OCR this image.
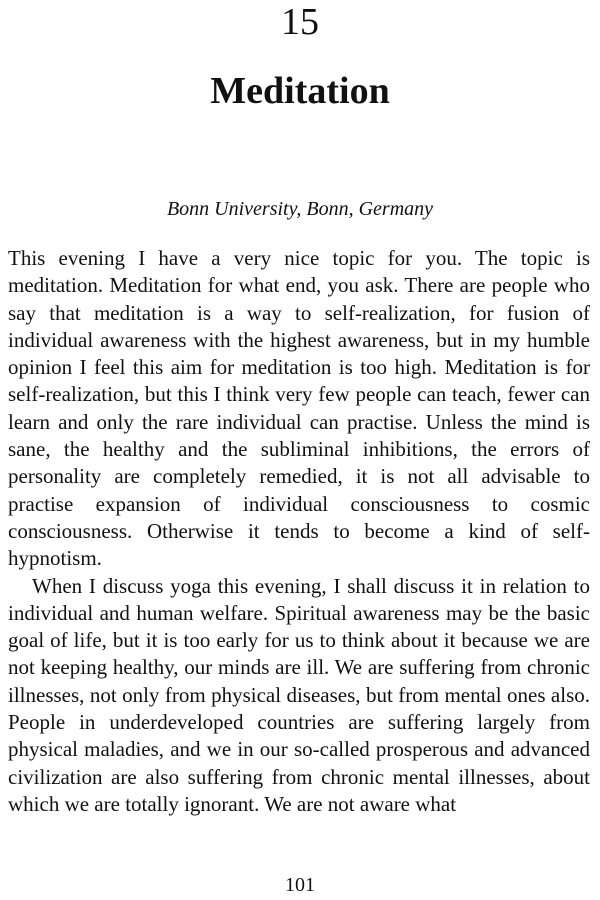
15
Meditation
Bonn University, Bonn, Germany

This evening I have a very nice topic for you. The topic is meditation. Meditation for what end, you ask. There are people who say that meditation is a way to self-realization, for fusion of individual awareness with the highest awareness, but in my humble opinion I feel this aim for meditation is too high. Meditation is for self-realization, but this I think very few people can teach, fewer can learn and only the rare individual can practise. Unless the mind is sane, the healthy and the subliminal inhibitions, the errors of personality are completely remedied, it is not all advisable to practise expansion of individual consciousness to cosmic consciousness. Otherwise it tends to become a kind of self-hypnotism.

When I discuss yoga this evening, I shall discuss it in relation to individual and human welfare. Spiritual awareness may be the basic goal of life, but it is too early for us to think about it because we are not keeping healthy, our minds are ill. We are suffering from chronic illnesses, not only from physical diseases, but from mental ones also. People in underdeveloped countries are suffering largely from physical maladies, and we in our so-called prosperous and advanced civilization are also suffering from chronic mental illnesses, about which we are totally ignorant. We are not aware what

101
